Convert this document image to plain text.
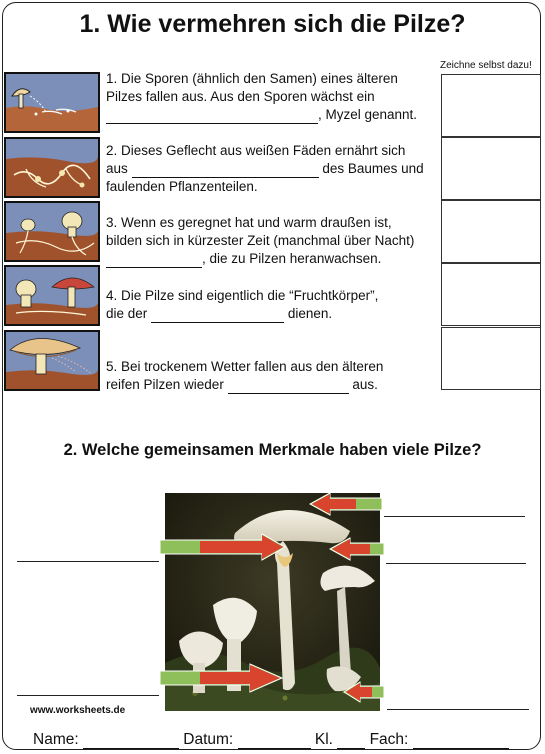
1. Wie vermehren sich die Pilze?
Zeichne selbst dazu!
1. Die Sporen (ähnlich den Samen) eines älteren
Pilzes fallen aus. Aus den Sporen wächst ein
, Myzel genannt.
2. Dieses Geflecht aus weißen Fäden ernährt sich
aus	des Baumes und
faulenden Pflanzenteilen.
3. Wenn es geregnet hat und warm draußen ist,
bilden sich in kürzester Zeit (manchmal über Nacht)
, die zu Pilzen heranwachsen.
4. Die Pilze sind eigentlich die “Fruchtkörper”,
die der	dienen.
5. Bei trockenem Wetter fallen aus den älteren
reifen Pilzen wieder	aus.
2. Welche gemeinsamen Merkmale haben viele Pilze?
www.worksheets.de
Name:	Datum:	Kl. Fach:
